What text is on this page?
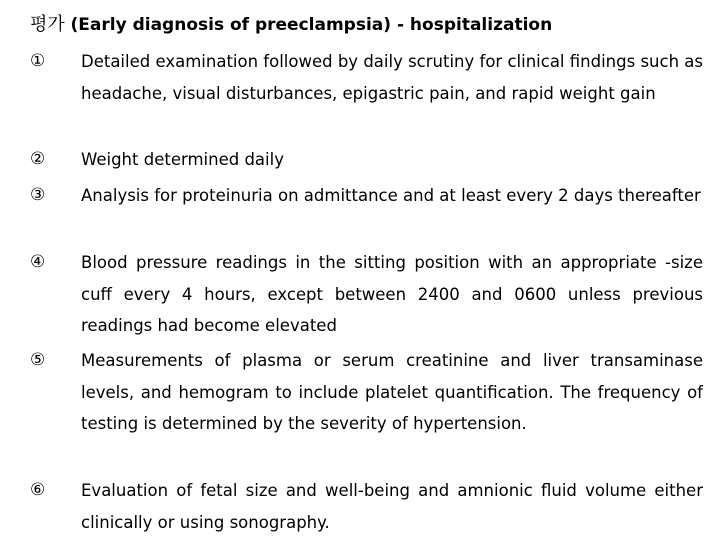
평가 (Early diagnosis of preeclampsia) - hospitalization
①	Detailed examination followed by daily scrutiny for clinical findings such as headache, visual disturbances, epigastric pain, and rapid weight gain
②	Weight determined daily
③	Analysis for proteinuria on admittance and at least every 2 days thereafter
④	Blood pressure readings in the sitting position with an appropriate -size cuff every 4 hours, except between 2400 and 0600 unless previous readings had become elevated
⑤	Measurements of plasma or serum creatinine and liver transaminase levels, and hemogram to include platelet quantification. The frequency of testing is determined by the severity of hypertension.
⑥	Evaluation of fetal size and well-being and amnionic fluid volume either clinically or using sonography.
